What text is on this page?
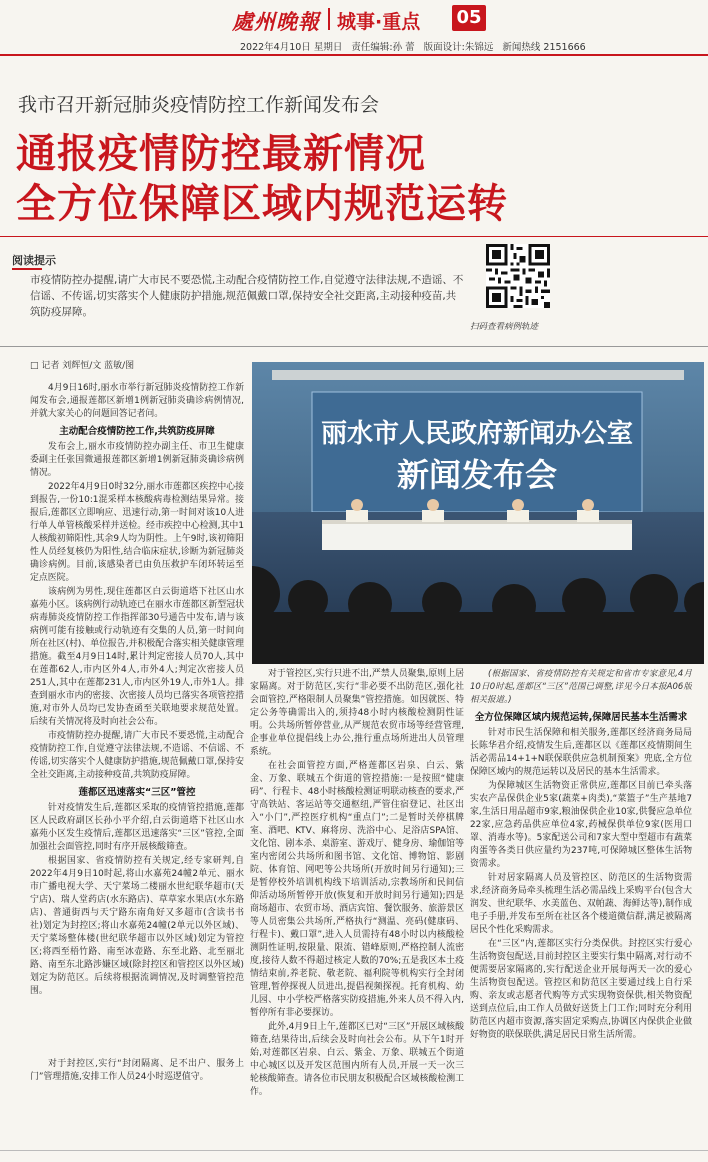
處州晚報 城事·重点 05
2022年4月10日 星期日 责任编辑:孙 蕾 版面设计:朱锦远 新闻热线 2151666
我市召开新冠肺炎疫情防控工作新闻发布会
通报疫情防控最新情况
全方位保障区域内规范运转
阅读提示
市疫情防控办提醒,请广大市民不要恐慌,主动配合疫情防控工作,自觉遵守法律法规,不造谣、不信谣、不传谣,切实落实个人健康防护措施,规范佩戴口罩,保持安全社交距离,主动接种疫苗,共筑防疫屏障。
扫码查看病例轨迹
□ 记者 刘辉恒/文 蓝敏/图

4月9日16时,丽水市举行新冠肺炎疫情防控工作新闻发布会,通报莲都区新增1例新冠肺炎确诊病例情况,并就大家关心的问题回答记者问。

主动配合疫情防控工作,共筑防疫屏障

发布会上,丽水市疫情防控办副主任、市卫生健康委副主任张国微通报莲都区新增1例新冠肺炎确诊病例情况。

2022年4月9日0时32分,丽水市莲都区疾控中心接到报告,一份10:1混采样本核酸病毒检测结果异常。接报后,莲都区立即响应、迅速行动,第一时间对该10人进行单人单管核酸采样并送检。经市疾控中心检测,其中1人核酸初筛阳性,其余9人均为阴性。上午9时,该初筛阳性人员经复核仍为阳性,结合临床症状,诊断为新冠肺炎确诊病例。目前,该感染者已由负压救护车闭环转运至定点医院。

该病例为男性,现住莲都区白云街道塔下社区山水嘉苑小区。该病例行动轨迹已在丽水市莲都区新型冠状病毒肺炎疫情防控工作指挥部30号通告中发布,请与该病例可能有接触或行动轨迹有交集的人员,第一时间向所在社区(村)、单位报告,并积极配合落实相关健康管理措施。截至4月9日14时,累计判定密接人员70人,其中在莲都62人,市内区外4人,市外4人;判定次密接人员251人,其中在莲都231人,市内区外19人,市外1人。排查到丽水市内的密接、次密接人员均已落实各项管控措施,对市外人员均已发协查函至关联地要求规范处置。后续有关情况将及时向社会公布。

市疫情防控办提醒,请广大市民不要恐慌,主动配合疫情防控工作,自觉遵守法律法规,不造谣、不信谣、不传谣,切实落实个人健康防护措施,规范佩戴口罩,保持安全社交距离,主动接种疫苗,共筑防疫屏障。

莲都区迅速落实“三区”管控

针对疫情发生后,莲都区采取的疫情管控措施,莲都区人民政府副区长孙小平介绍,白云街道塔下社区山水嘉苑小区发生疫情后,莲都区迅速落实“三区”管控,全面加强社会面管控,同时有序开展核酸筛查。

根据国家、省疫情防控有关规定,经专家研判,自2022年4月9日10时起,将山水嘉苑24幢2单元、丽水市广播电视大学、天宁菜场二楼丽水世纪联华超市(天宁店)、瑞人堂药店(水东路店)、草草家水果店(水东路店)、普通街西与天宁路东南角好又多超市(含读书书社)划定为封控区;将山水嘉苑24幢(2单元以外区域)、天宁菜场整体楼(世纪联华超市以外区域)划定为管控区;将西至梧竹路、南至冰壶路、东至北路、北至丽北路、南至东北路涉嫌区域(除封控区和管控区以外区域)划定为防范区。后续将根据流调情况,及时调整管控范围。

对于封控区,实行“封闭隔离、足不出户、服务上门”管理措施,安排工作人员24小时巡逻值守。

丽水市人民政府新闻办公室
新闻发布会

对于管控区,实行只进不出,严禁人员聚集,原则上居家隔离。对于防范区,实行“非必要不出防范区,强化社会面管控,严格限制人员聚集”管控措施。如因就医、特定公务等确需出入的,须持48小时内核酸检测阴性证明。公共场所暂停营业,从严规范农贸市场等经营管理,企事业单位提倡线上办公,推行重点场所进出人员管理系统。

在社会面管控方面,严格莲都区岩泉、白云、紫金、万象、联城五个街道的管控措施:一是按照“健康码”、行程卡、48小时核酸检测证明联动核查的要求,严守高铁站、客运站等交通枢纽,严管住宿登记、社区出入“小门”,严控医疗机构“重点门”;二是暂时关停棋牌室、酒吧、KTV、麻将房、洗浴中心、足浴店SPA馆、文化馆、剧本杀、桌游室、游戏厅、健身房、瑜伽馆等室内密闭公共场所和图书馆、文化馆、博物馆、影剧院、体育馆、网吧等公共场所(开放时间另行通知);三是暂停校外培训机构线下培训活动,宗教场所和民间信仰活动场所暂停开放(恢复和开放时间另行通知);四是商场超市、农贸市场、酒店宾馆、餐饮服务、旅游景区等人员密集公共场所,严格执行“测温、亮码(健康码、行程卡)、戴口罩”,进入人员需持有48小时以内核酸检测阴性证明,按限量、限流、错峰原则,严格控制人流密度,接待人数不得超过核定人数的70%;五是我区本土疫情结束前,养老院、敬老院、福利院等机构实行全封闭管理,暂停探视人员进出,提倡视频探视。托育机构、幼儿园、中小学校严格落实防疫措施,外来人员不得入内,暂停所有非必要探访。

此外,4月9日上午,莲都区已对“三区”开展区域核酸筛查,结果待出,后续会及时向社会公布。从下午1时开始,对莲都区岩泉、白云、紫金、万象、联城五个街道中心城区以及开发区范围内所有人员,开展一天一次三轮核酸筛查。请各位市民朋友积极配合区域核酸检测工作。

(根据国家、省疫情防控有关规定和省市专家意见,4月10日0时起,莲都区“三区”范围已调整,详见今日本报A06版相关报道。)

全方位保障区域内规范运转,保障居民基本生活需求

针对市民生活保障和相关服务,莲都区经济商务局局长陈华君介绍,疫情发生后,莲都区以《莲都区疫情期间生活必需品14+1+N联保联供应急机制预案》兜底,全方位保障区域内的规范运转以及居民的基本生活需求。

为保障城区生活物资正常供应,莲都区目前已牵头落实农产品保供企业5家(蔬菜+肉类),“菜篮子”生产基地7家,生活日用品超市9家,粮油保供企业10家,供餐应急单位22家,应急药品供应单位4家,药械保供单位9家(医用口罩、消毒水等)。5家配送公司和7家大型中型超市有蔬菜肉蛋等各类日供应量约为237吨,可保障城区整体生活物资需求。

针对居家隔离人员及管控区、防范区的生活物资需求,经济商务局牵头梳理生活必需品线上采购平台(包含大润发、世纪联华、水美蓝色、双帕蔬、海鲜达等),制作成电子手册,并发布至所在社区各个楼道微信群,满足被隔离居民个性化采购需求。

在“三区”内,莲都区实行分类保供。封控区实行爱心生活物资包配送,目前封控区主要实行集中隔离,对行动不便需要居家隔离的,实行配送企业开展每两天一次的爱心生活物资包配送。管控区和防范区主要通过线上自行采购、亲友或志愿者代购等方式实现物资保供,相关物资配送到点位后,由工作人员做好送货上门工作;同时充分利用防范区内超市资源,落实固定采购点,协调区内保供企业做好物资的联保联供,满足居民日常生活所需。
